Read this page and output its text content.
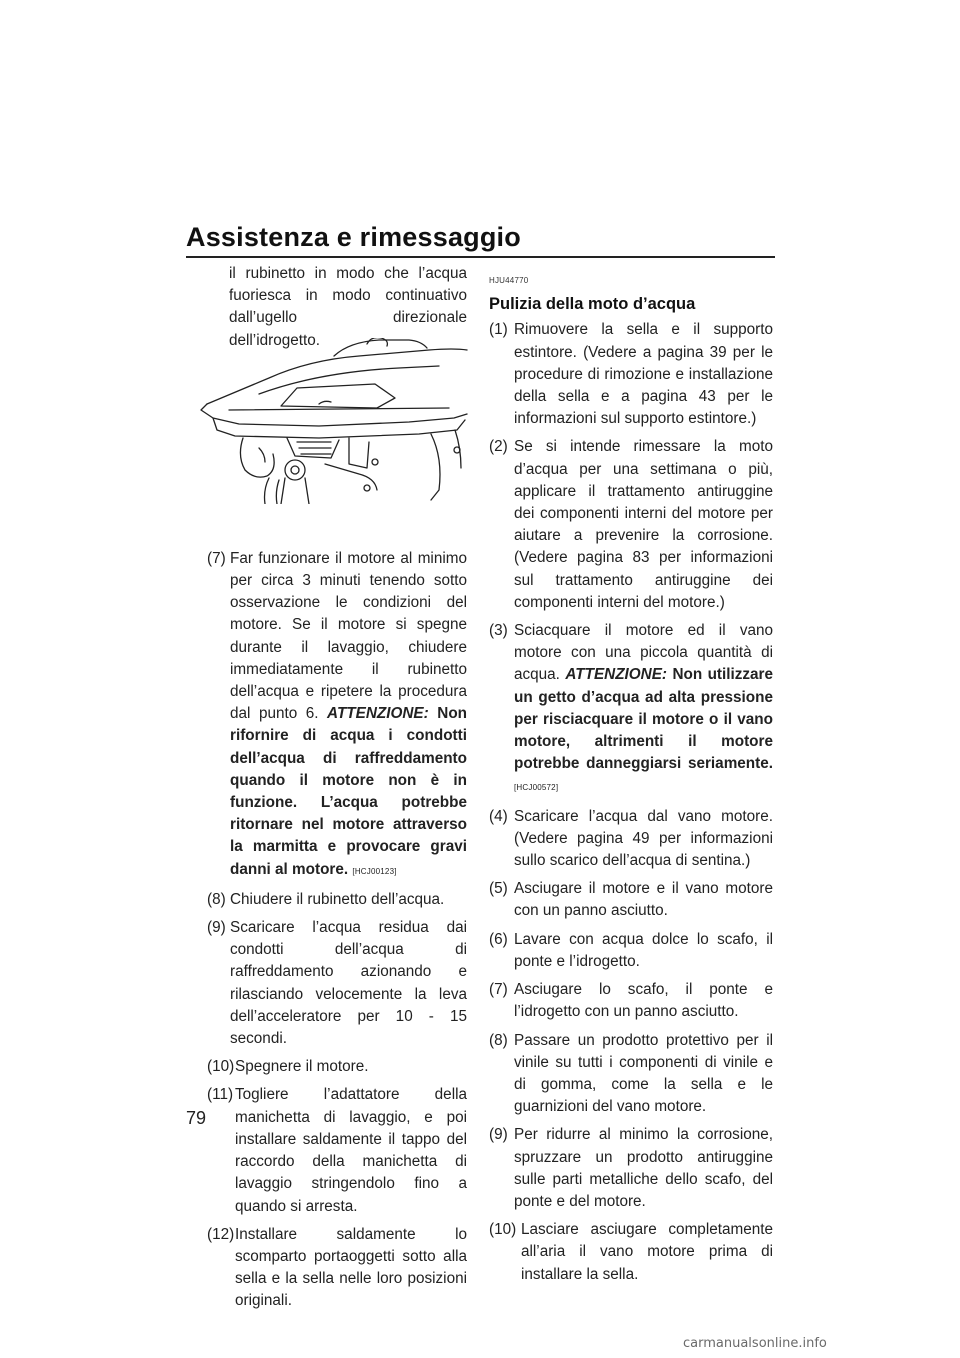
Assistenza e rimessaggio
il rubinetto in modo che l’acqua fuoriesca in modo continuativo dall’ugello direzionale dell’idrogetto.
(7) Far funzionare il motore al minimo per circa 3 minuti tenendo sotto osservazione le condizioni del motore. Se il motore si spegne durante il lavaggio, chiudere immediatamente il rubinetto dell’acqua e ripetere la procedura dal punto 6. ATTENZIONE: Non rifornire di acqua i condotti dell’acqua di raffreddamento quando il motore non è in funzione. L’acqua potrebbe ritornare nel motore attraverso la marmitta e provocare gravi danni al motore. [HCJ00123]
(8) Chiudere il rubinetto dell’acqua.
(9) Scaricare l’acqua residua dai condotti dell’acqua di raffreddamento azionando e rilasciando velocemente la leva dell’acceleratore per 10 - 15 secondi.
(10) Spegnere il motore.
(11) Togliere l’adattatore della manichetta di lavaggio, e poi installare saldamente il tappo del raccordo della manichetta di lavaggio stringendolo fino a quando si arresta.
(12) Installare saldamente lo scomparto portaoggetti sotto alla sella e la sella nelle loro posizioni originali.
HJU44770
Pulizia della moto d’acqua
(1) Rimuovere la sella e il supporto estintore. (Vedere a pagina 39 per le procedure di rimozione e installazione della sella e a pagina 43 per le informazioni sul supporto estintore.)
(2) Se si intende rimessare la moto d’acqua per una settimana o più, applicare il trattamento antiruggine dei componenti interni del motore per aiutare a prevenire la corrosione. (Vedere pagina 83 per informazioni sul trattamento antiruggine dei componenti interni del motore.)
(3) Sciacquare il motore ed il vano motore con una piccola quantità di acqua. ATTENZIONE: Non utilizzare un getto d’acqua ad alta pressione per risciacquare il motore o il vano motore, altrimenti il motore potrebbe danneggiarsi seriamente. [HCJ00572]
(4) Scaricare l’acqua dal vano motore. (Vedere pagina 49 per informazioni sullo scarico dell’acqua di sentina.)
(5) Asciugare il motore e il vano motore con un panno asciutto.
(6) Lavare con acqua dolce lo scafo, il ponte e l’idrogetto.
(7) Asciugare lo scafo, il ponte e l’idrogetto con un panno asciutto.
(8) Passare un prodotto protettivo per il vinile su tutti i componenti di vinile e di gomma, come la sella e le guarnizioni del vano motore.
(9) Per ridurre al minimo la corrosione, spruzzare un prodotto antiruggine sulle parti metalliche dello scafo, del ponte e del motore.
(10) Lasciare asciugare completamente all’aria il vano motore prima di installare la sella.
79
carmanualsonline.info
